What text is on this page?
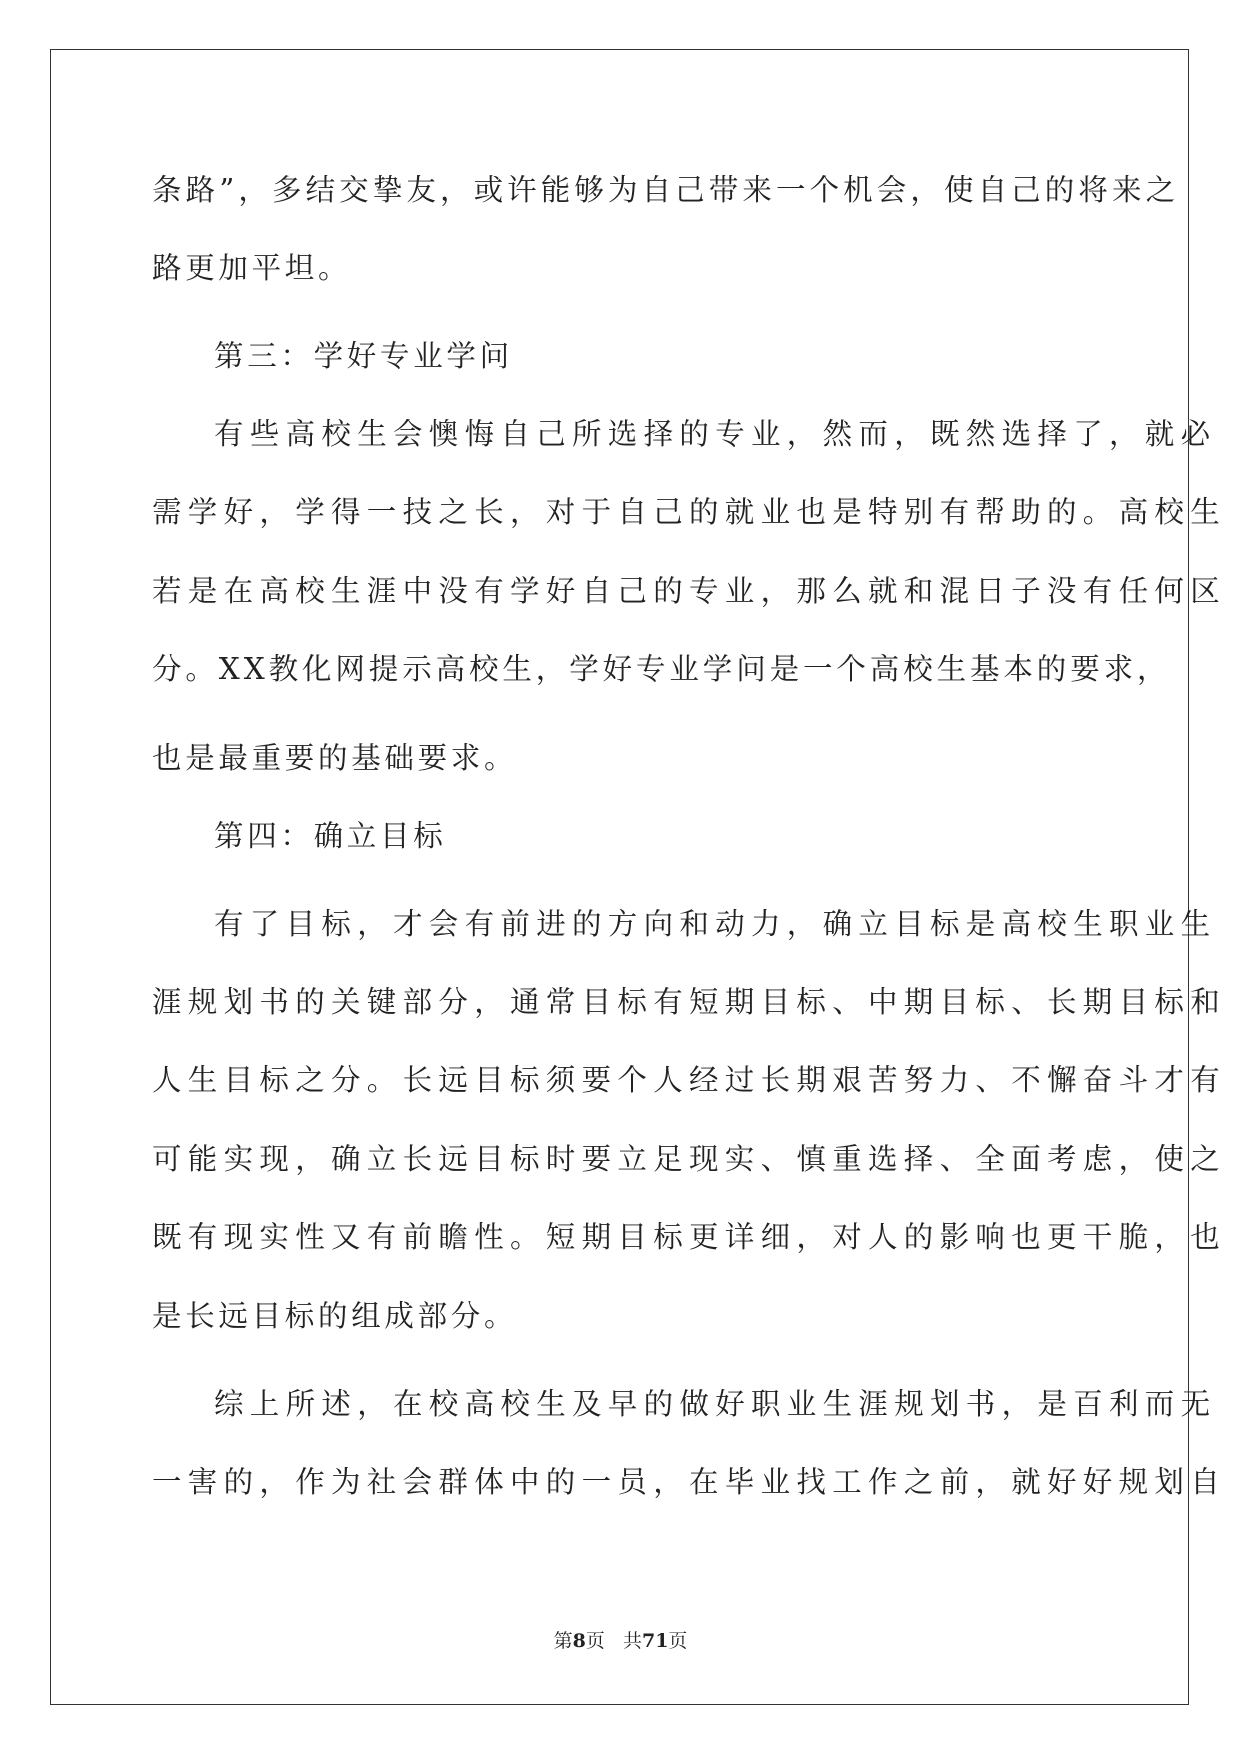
条路”，多结交挚友，或许能够为自己带来一个机会，使自己的将来之

路更加平坦。

第三：学好专业学问

有些高校生会懊悔自己所选择的专业，然而，既然选择了，就必

需学好，学得一技之长，对于自己的就业也是特别有帮助的。高校生

若是在高校生涯中没有学好自己的专业，那么就和混日子没有任何区

分。XX教化网提示高校生，学好专业学问是一个高校生基本的要求，

也是最重要的基础要求。

第四：确立目标

有了目标，才会有前进的方向和动力，确立目标是高校生职业生

涯规划书的关键部分，通常目标有短期目标、中期目标、长期目标和

人生目标之分。长远目标须要个人经过长期艰苦努力、不懈奋斗才有

可能实现，确立长远目标时要立足现实、慎重选择、全面考虑，使之

既有现实性又有前瞻性。短期目标更详细，对人的影响也更干脆，也

是长远目标的组成部分。

综上所述，在校高校生及早的做好职业生涯规划书，是百利而无

一害的，作为社会群体中的一员，在毕业找工作之前，就好好规划自

第8页 共71页
